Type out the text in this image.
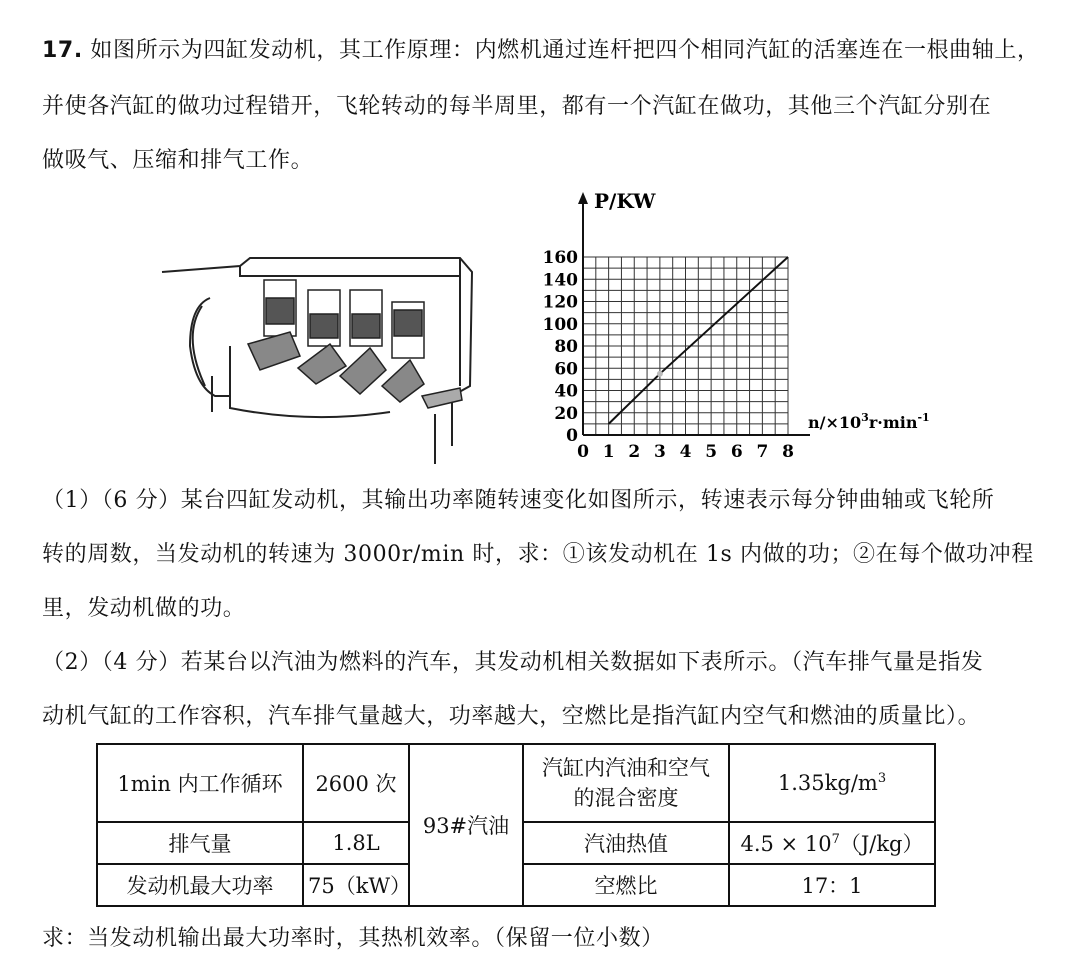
17. 如图所示为四缸发动机，其工作原理：内燃机通过连杆把四个相同汽缸的活塞连在一根曲轴上，
并使各汽缸的做功过程错开，飞轮转动的每半周里，都有一个汽缸在做功，其他三个汽缸分别在
做吸气、压缩和排气工作。
P/KW
0 1 2 3 4 5 6 7 8
0
20
40
60
80
100
120
140
160
$n/\times 10^3r\cdot\min^{-1}$
（1）（6 分）某台四缸发动机，其输出功率随转速变化如图所示，转速表示每分钟曲轴或飞轮所
转的周数，当发动机的转速为 3000r/min 时，求：①该发动机在 1s 内做的功；②在每个做功冲程
里，发动机做的功。
（2）（4 分）若某台以汽油为燃料的汽车，其发动机相关数据如下表所示。（汽车排气量是指发
动机气缸的工作容积，汽车排气量越大，功率越大，空燃比是指汽缸内空气和燃油的质量比）。
1min 内工作循环	2600 次	93#汽油	汽缸内汽油和空气
的混合密度	$1.35kg/m^3$
排气量	1.8L		汽油热值	$4.5 \times 10^7(J/kg)$
发动机最大功率	75（kW）		空燃比	17：1
求：当发动机输出最大功率时，其热机效率。（保留一位小数）
